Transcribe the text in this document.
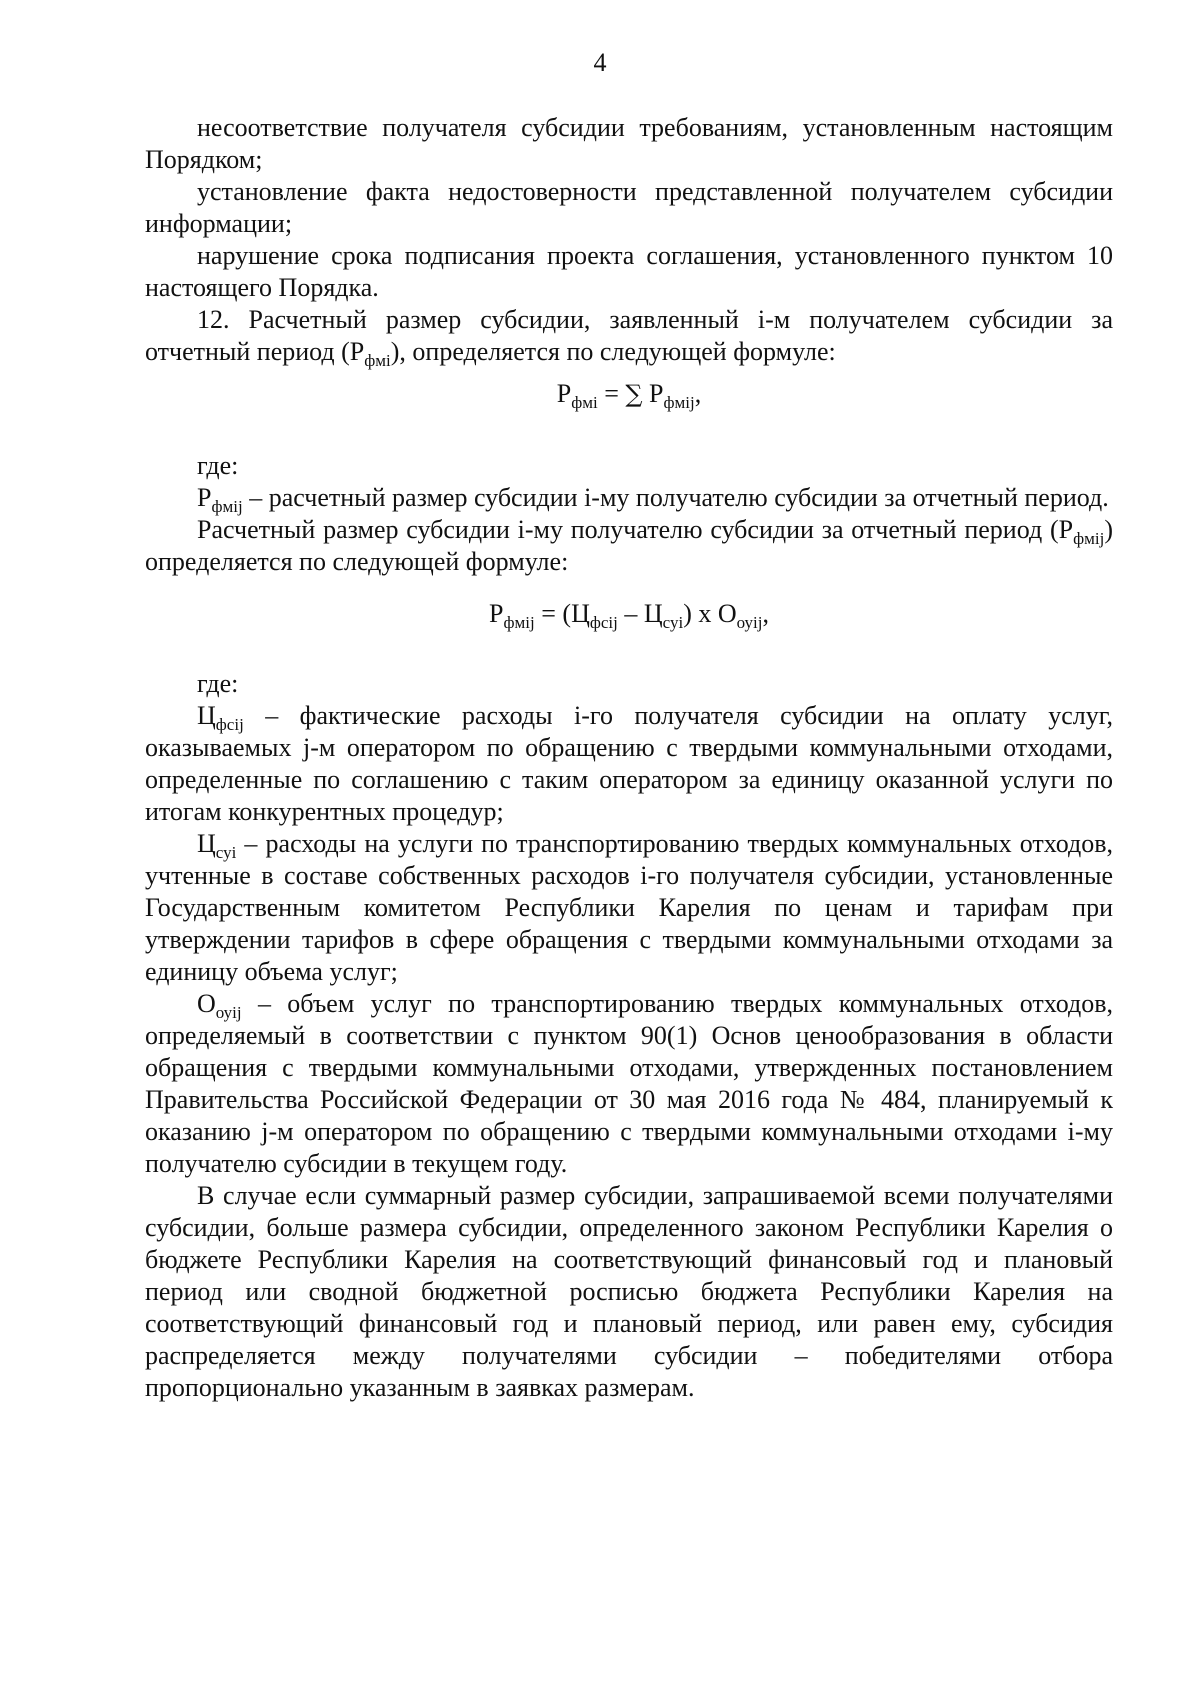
4

несоответствие получателя субсидии требованиям, установленным настоящим Порядком;

установление факта недостоверности представленной получателем субсидии информации;

нарушение срока подписания проекта соглашения, установленного пунктом 10 настоящего Порядка.

12. Расчетный размер субсидии, заявленный i-м получателем субсидии за отчетный период $(Р_{фмi})$, определяется по следующей формуле:

$Р_{фмi}$ = ∑ $Р_{фмij}$,

где:

$Р_{фмij}$ – расчетный размер субсидии i-му получателю субсидии за отчетный период.

Расчетный размер субсидии i-му получателю субсидии за отчетный период $(Р_{фмij})$ определяется по следующей формуле:

$Р_{фмij} = (Ц_{фсij} - Ц_{суi})$ x $О_{оуij}$,

где:

$Ц_{фсij}$ – фактические расходы i-го получателя субсидии на оплату услуг, оказываемых j-м оператором по обращению с твердыми коммунальными отходами, определенные по соглашению с таким оператором за единицу оказанной услуги по итогам конкурентных процедур;

$Ц_{суi}$ – расходы на услуги по транспортированию твердых коммунальных отходов, учтенные в составе собственных расходов i-го получателя субсидии, установленные Государственным комитетом Республики Карелия по ценам и тарифам при утверждении тарифов в сфере обращения с твердыми коммунальными отходами за единицу объема услуг;

$О_{оуij}$ – объем услуг по транспортированию твердых коммунальных отходов, определяемый в соответствии с пунктом 90(1) Основ ценообразования в области обращения с твердыми коммунальными отходами, утвержденных постановлением Правительства Российской Федерации от 30 мая 2016 года № 484, планируемый к оказанию j-м оператором по обращению с твердыми коммунальными отходами i-му получателю субсидии в текущем году.

В случае если суммарный размер субсидии, запрашиваемой всеми получателями субсидии, больше размера субсидии, определенного законом Республики Карелия о бюджете Республики Карелия на соответствующий финансовый год и плановый период или сводной бюджетной росписью бюджета Республики Карелия на соответствующий финансовый год и плановый период, или равен ему, субсидия распределяется между получателями субсидии – победителями отбора пропорционально указанным в заявках размерам.
